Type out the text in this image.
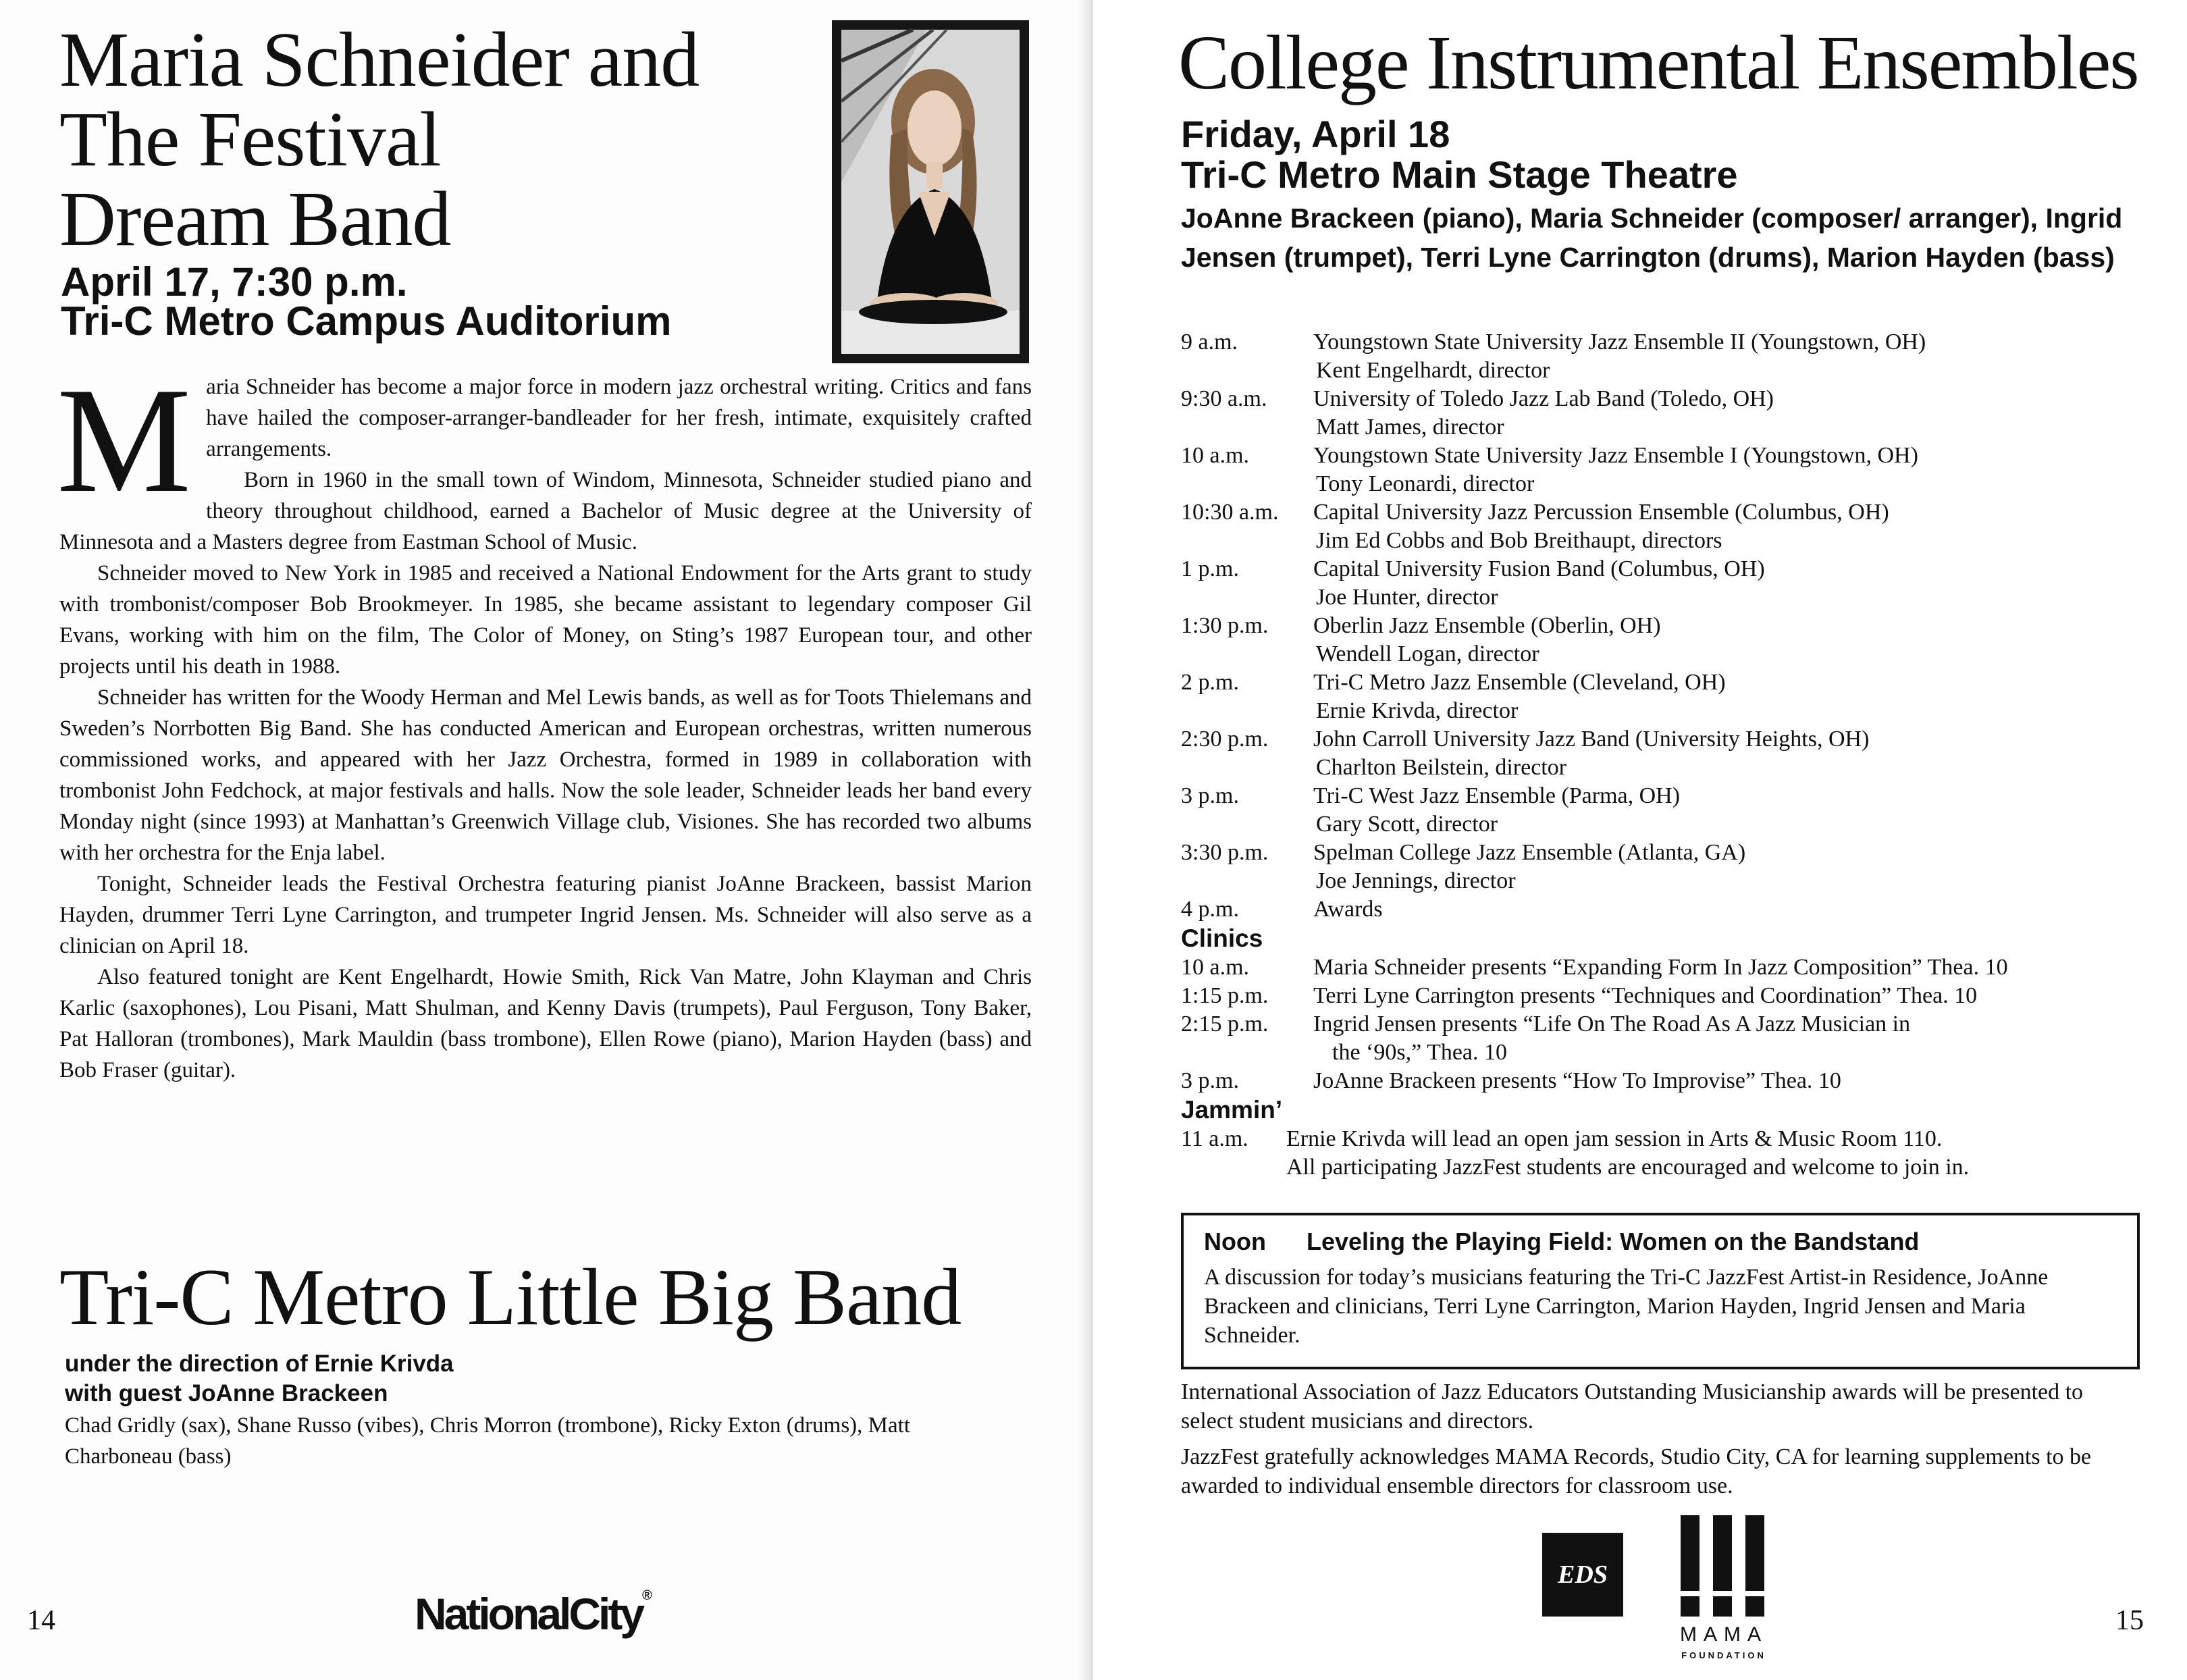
Maria Schneider and
The Festival
Dream Band
April 17, 7:30 p.m.
Tri-C Metro Campus Auditorium
M aria Schneider has become a major force in modern jazz orchestral writing. Critics and fans have hailed the composer-arranger-bandleader for her fresh, intimate, exquisitely crafted arrangements.

Born in 1960 in the small town of Windom, Minnesota, Schneider studied piano and theory throughout childhood, earned a Bachelor of Music degree at the University of Minnesota and a Masters degree from Eastman School of Music.

Schneider moved to New York in 1985 and received a National Endowment for the Arts grant to study with trombonist/composer Bob Brookmeyer. In 1985, she became assistant to legendary composer Gil Evans, working with him on the film, The Color of Money, on Sting’s 1987 European tour, and other projects until his death in 1988.

Schneider has written for the Woody Herman and Mel Lewis bands, as well as for Toots Thielemans and Sweden’s Norrbotten Big Band. She has conducted American and European orchestras, written numerous commissioned works, and appeared with her Jazz Orchestra, formed in 1989 in collaboration with trombonist John Fedchock, at major festivals and halls. Now the sole leader, Schneider leads her band every Monday night (since 1993) at Manhattan’s Greenwich Village club, Visiones. She has recorded two albums with her orchestra for the Enja label.

Tonight, Schneider leads the Festival Orchestra featuring pianist JoAnne Brackeen, bassist Marion Hayden, drummer Terri Lyne Carrington, and trumpeter Ingrid Jensen. Ms. Schneider will also serve as a clinician on April 18.

Also featured tonight are Kent Engelhardt, Howie Smith, Rick Van Matre, John Klayman and Chris Karlic (saxophones), Lou Pisani, Matt Shulman, and Kenny Davis (trumpets), Paul Ferguson, Tony Baker, Pat Halloran (trombones), Mark Mauldin (bass trombone), Ellen Rowe (piano), Marion Hayden (bass) and Bob Fraser (guitar).

Tri-C Metro Little Big Band
under the direction of Ernie Krivda
with guest JoAnne Brackeen
Chad Gridly (sax), Shane Russo (vibes), Chris Morron (trombone), Ricky Exton (drums), Matt Charboneau (bass)
14	NationalCity®
College Instrumental Ensembles
Friday, April 18
Tri-C Metro Main Stage Theatre
JoAnne Brackeen (piano), Maria Schneider (composer/ arranger), Ingrid Jensen (trumpet), Terri Lyne Carrington (drums), Marion Hayden (bass)
9 a.m.	Youngstown State University Jazz Ensemble II (Youngstown, OH)
Kent Engelhardt, director
9:30 a.m.	University of Toledo Jazz Lab Band (Toledo, OH)
Matt James, director
10 a.m.	Youngstown State University Jazz Ensemble I (Youngstown, OH)
Tony Leonardi, director
10:30 a.m.	Capital University Jazz Percussion Ensemble (Columbus, OH)
Jim Ed Cobbs and Bob Breithaupt, directors
1 p.m.	Capital University Fusion Band (Columbus, OH)
Joe Hunter, director
1:30 p.m.	Oberlin Jazz Ensemble (Oberlin, OH)
Wendell Logan, director
2 p.m.	Tri-C Metro Jazz Ensemble (Cleveland, OH)
Ernie Krivda, director
2:30 p.m.	John Carroll University Jazz Band (University Heights, OH)
Charlton Beilstein, director
3 p.m.	Tri-C West Jazz Ensemble (Parma, OH)
Gary Scott, director
3:30 p.m.	Spelman College Jazz Ensemble (Atlanta, GA)
Joe Jennings, director
4 p.m.	Awards
Clinics
10 a.m.	Maria Schneider presents “Expanding Form In Jazz Composition” Thea. 10
1:15 p.m.	Terri Lyne Carrington presents “Techniques and Coordination” Thea. 10
2:15 p.m.	Ingrid Jensen presents “Life On The Road As A Jazz Musician in
the ‘90s,” Thea. 10
3 p.m.	JoAnne Brackeen presents “How To Improvise” Thea. 10
Jammin’
11 a.m.	Ernie Krivda will lead an open jam session in Arts & Music Room 110.
All participating JazzFest students are encouraged and welcome to join in.
Noon Leveling the Playing Field: Women on the Bandstand
A discussion for today’s musicians featuring the Tri-C JazzFest Artist-in Residence, JoAnne Brackeen and clinicians, Terri Lyne Carrington, Marion Hayden, Ingrid Jensen and Maria Schneider.
International Association of Jazz Educators Outstanding Musicianship awards will be presented to select student musicians and directors.
JazzFest gratefully acknowledges MAMA Records, Studio City, CA for learning supplements to be awarded to individual ensemble directors for classroom use.
EDS
MAMA
FOUNDATION
15
